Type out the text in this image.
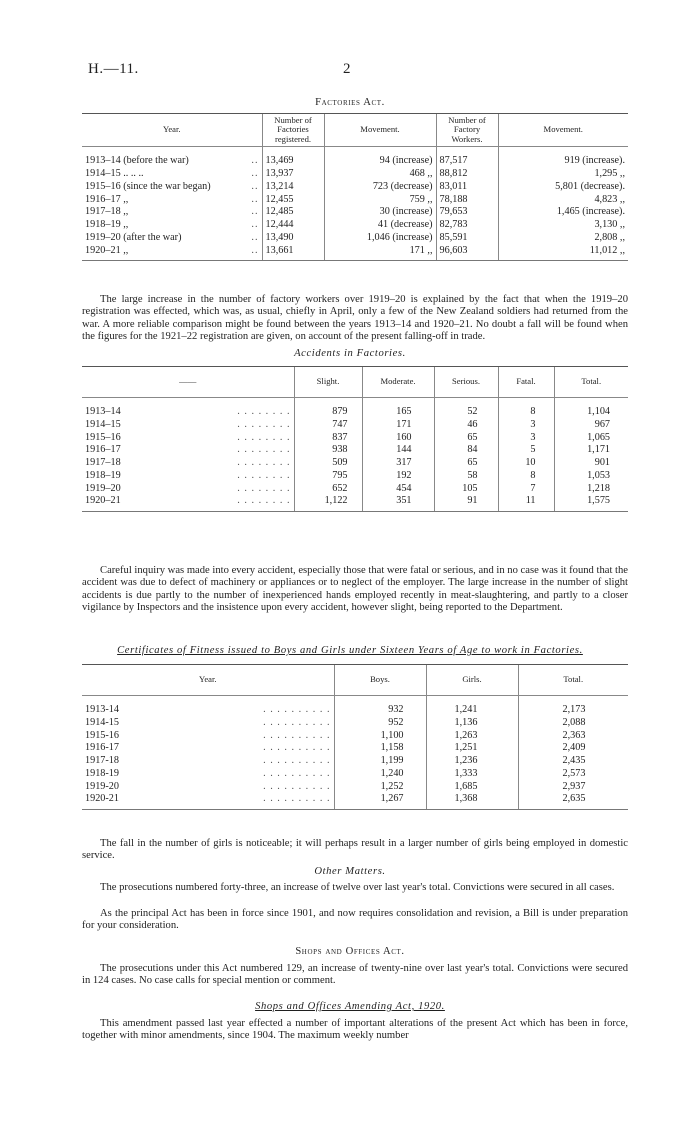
H.—11.	2
Factories Act.
Year.	Number of Factories registered.	Movement.	Number of Factory Workers.	Movement.
1913–14 (before the war) ..	13,469	94 (increase)	87,517	919 (increase).
1914–15 .. .. .. ..	13,937	468 ,,	88,812	1,295 ,,
1915–16 (since the war began) ..	13,214	723 (decrease)	83,011	5,801 (decrease).
1916–17 ,, ..	12,455	759 ,,	78,188	4,823 ,,
1917–18 ,, ..	12,485	30 (increase)	79,653	1,465 (increase).
1918–19 ,, ..	12,444	41 (decrease)	82,783	3,130 ,,
1919–20 (after the war) ..	13,490	1,046 (increase)	85,591	2,808 ,,
1920–21 ,, ..	13,661	171 ,,	96,603	11,012 ,,
The large increase in the number of factory workers over 1919–20 is explained by the fact that when the 1919–20 registration was effected, which was, as usual, chiefly in April, only a few of the New Zealand soldiers had returned from the war. A more reliable comparison might be found between the years 1913–14 and 1920–21. No doubt a fall will be found when the figures for the 1921–22 registration are given, on account of the present falling-off in trade.
Accidents in Factories.
——	Slight.	Moderate.	Serious.	Fatal.	Total.
1913–14 . . . . . . . .	879	165	52	8	1,104
1914–15 . . . . . . . .	747	171	46	3	967
1915–16 . . . . . . . .	837	160	65	3	1,065
1916–17 . . . . . . . .	938	144	84	5	1,171
1917–18 . . . . . . . .	509	317	65	10	901
1918–19 . . . . . . . .	795	192	58	8	1,053
1919–20 . . . . . . . .	652	454	105	7	1,218
1920–21 . . . . . . . .	1,122	351	91	11	1,575
Careful inquiry was made into every accident, especially those that were fatal or serious, and in no case was it found that the accident was due to defect of machinery or appliances or to neglect of the employer. The large increase in the number of slight accidents is due partly to the number of inexperienced hands employed recently in meat-slaughtering, and partly to a closer vigilance by Inspectors and the insistence upon every accident, however slight, being reported to the Department.
Certificates of Fitness issued to Boys and Girls under Sixteen Years of Age to work in Factories.
Year.	Boys.	Girls.	Total.
1913-14 . . . . . . . . . .	932	1,241	2,173
1914-15 . . . . . . . . . .	952	1,136	2,088
1915-16 . . . . . . . . . .	1,100	1,263	2,363
1916-17 . . . . . . . . . .	1,158	1,251	2,409
1917-18 . . . . . . . . . .	1,199	1,236	2,435
1918-19 . . . . . . . . . .	1,240	1,333	2,573
1919-20 . . . . . . . . . .	1,252	1,685	2,937
1920-21 . . . . . . . . . .	1,267	1,368	2,635
The fall in the number of girls is noticeable; it will perhaps result in a larger number of girls being employed in domestic service.
Other Matters.
The prosecutions numbered forty-three, an increase of twelve over last year's total. Convictions were secured in all cases.
As the principal Act has been in force since 1901, and now requires consolidation and revision, a Bill is under preparation for your consideration.
Shops and Offices Act.
The prosecutions under this Act numbered 129, an increase of twenty-nine over last year's total. Convictions were secured in 124 cases. No case calls for special mention or comment.
Shops and Offices Amending Act, 1920.
This amendment passed last year effected a number of important alterations of the present Act which has been in force, together with minor amendments, since 1904. The maximum weekly number
